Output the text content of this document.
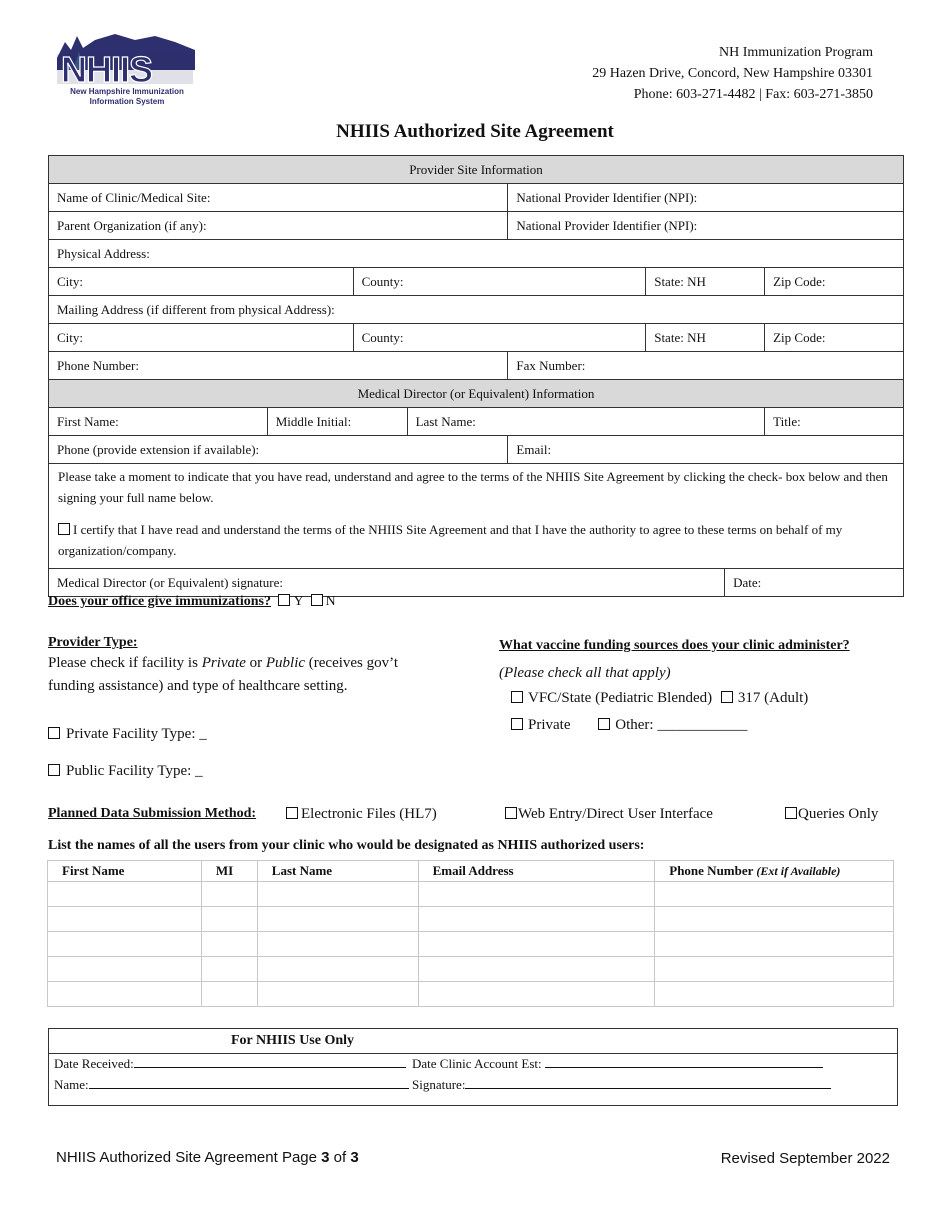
NHIIS
New Hampshire Immunization
Information System
NH Immunization Program
29 Hazen Drive, Concord, New Hampshire 03301
Phone: 603-271-4482 | Fax: 603-271-3850
NHIIS Authorized Site Agreement
Provider Site Information							
Name of Clinic/Medical Site:				National Provider Identifier (NPI):			
Parent Organization (if any):				National Provider Identifier (NPI):			
Physical Address:							
City:		County:			State: NH		Zip Code:
Mailing Address (if different from physical Address):							
City:		County:			State: NH		Zip Code:
Phone Number:				Fax Number:			
Medical Director (or Equivalent) Information							
First Name:	Middle Initial:		Last Name:				Title:
Phone (provide extension if available):				Email:			

Please take a moment to indicate that you have read, understand and agree to the terms of the NHIIS Site Agreement by clicking the check- box below and then signing your full name below.
I certify that I have read and understand the terms of the NHIIS Site Agreement and that I have the authority to agree to these terms on behalf of my organization/company.							

Medical Director (or Equivalent) signature:						Date:	
Does your office give immunizations? Y N
Provider Type:
Please check if facility is Private or Public (receives gov’t funding assistance) and type of healthcare setting.
Private Facility Type: _
Public Facility Type: _
What vaccine funding sources does your clinic administer?
(Please check all that apply)
VFC/State (Pediatric Blended) 317 (Adult)
Private	Other: ____________
Planned Data Submission Method:	Electronic Files (HL7)	Web Entry/Direct User Interface	Queries Only
List the names of all the users from your clinic who would be designated as NHIIS authorized users:
First Name	MI	Last Name	Email Address	Phone Number (Ext if Available)

For NHIIS Use Only
Date Received:	Date Clinic Account Est:
Name:	Signature:
NHIIS Authorized Site Agreement Page 3 of 3	Revised September 2022
